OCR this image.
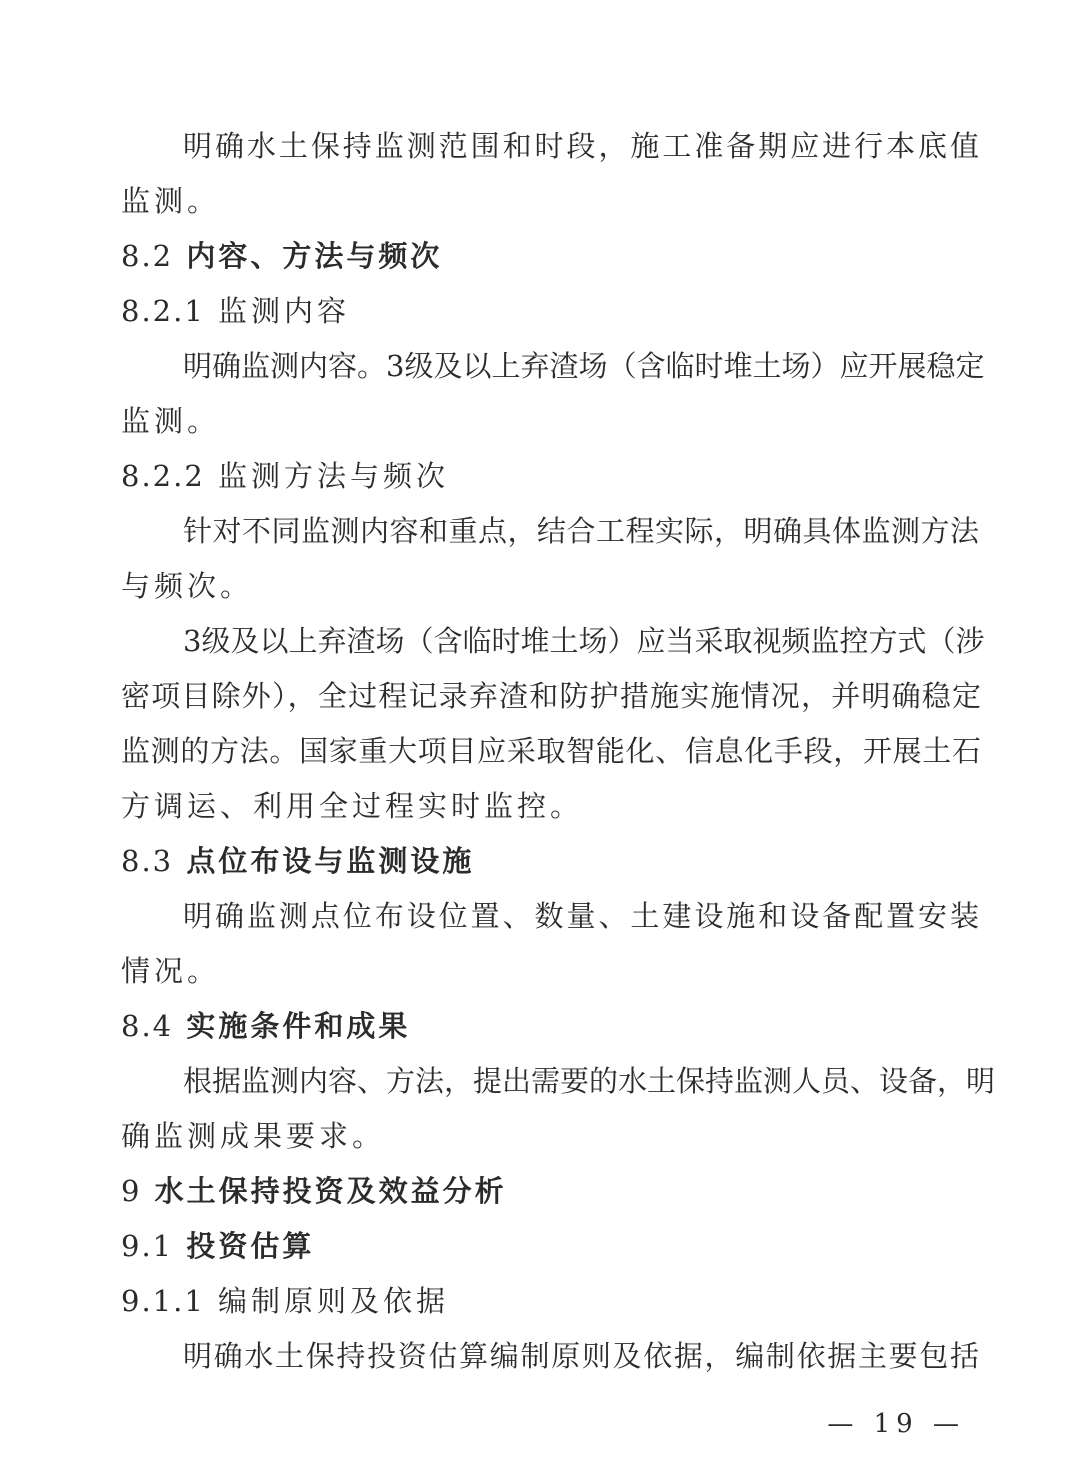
明确水土保持监测范围和时段，施工准备期应进行本底值
监测。
8.2 内容、方法与频次
8.2.1 监测内容
明确监测内容。3级及以上弃渣场（含临时堆土场）应开展稳定
监测。
8.2.2 监测方法与频次
针对不同监测内容和重点，结合工程实际，明确具体监测方法
与频次。
3级及以上弃渣场（含临时堆土场）应当采取视频监控方式（涉
密项目除外），全过程记录弃渣和防护措施实施情况，并明确稳定
监测的方法。国家重大项目应采取智能化、信息化手段，开展土石
方调运、利用全过程实时监控。
8.3 点位布设与监测设施
明确监测点位布设位置、数量、土建设施和设备配置安装
情况。
8.4 实施条件和成果
根据监测内容、方法，提出需要的水土保持监测人员、设备，明
确监测成果要求。
9 水土保持投资及效益分析
9.1 投资估算
9.1.1 编制原则及依据
明确水土保持投资估算编制原则及依据，编制依据主要包括
— 19 —
